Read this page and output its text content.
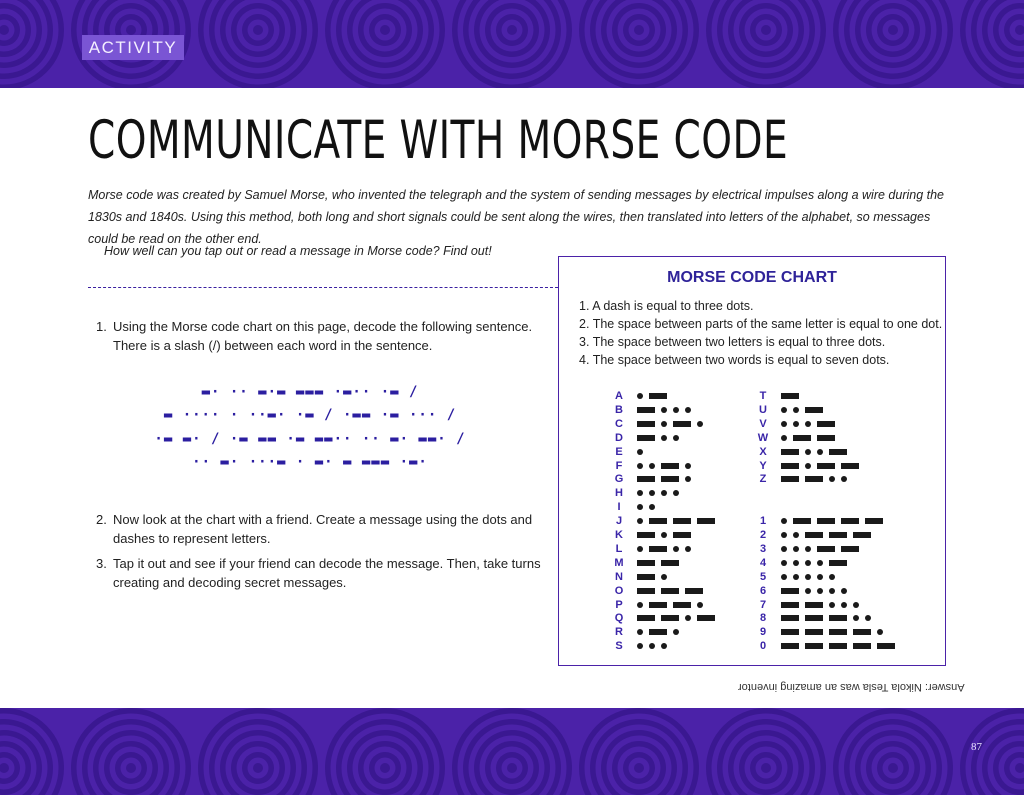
ACTIVITY
COMMUNICATE WITH MORSE CODE

Morse code was created by Samuel Morse, who invented the telegraph and the system of sending messages by electrical impulses along a wire during the 1830s and 1840s. Using this method, both long and short signals could be sent along the wires, then translated into letters of the alphabet, so messages could be read on the other end.

How well can you tap out or read a message in Morse code? Find out!

1. Using the Morse code chart on this page, decode the following sentence. There is a slash (/) between each word in the sentence.

▬· ·· ▬·▬ ▬▬▬ ·▬·· ·▬ /
▬ ···· · ··▬· ·▬ / ·▬▬ ·▬ ··· /
·▬ ▬· / ·▬ ▬▬ ·▬ ▬▬·· ·· ▬· ▬▬· /
·· ▬· ···▬ · ▬· ▬ ▬▬▬ ·▬·

2. Now look at the chart with a friend. Create a message using the dots and dashes to represent letters.

3. Tap it out and see if your friend can decode the message. Then, take turns creating and decoding secret messages.

MORSE CODE CHART
1. A dash is equal to three dots.
2. The space between parts of the same letter is equal to one dot.
3. The space between two letters is equal to three dots.
4. The space between two words is equal to seven dots.
A
B
C
D
E
F
G
H
I
J
K
L
M
N
O
P
Q
R
S
T
U
V
W
X
Y
Z
1
2
3
4
5
6
7
8
9
0

Answer: Nikola Tesla was an amazing inventor

87
